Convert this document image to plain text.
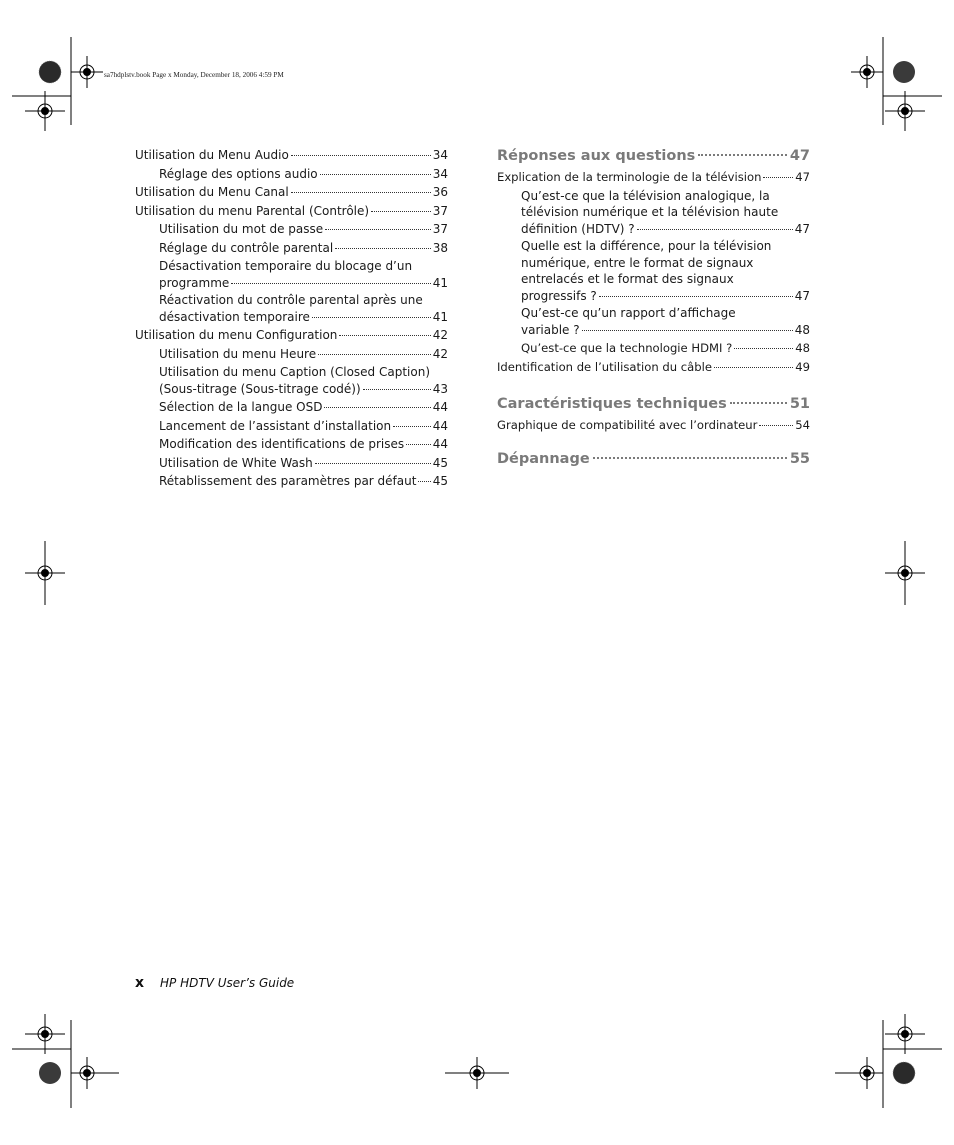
sa7hdplstv.book Page x Monday, December 18, 2006 4:59 PM
Utilisation du Menu Audio	34
Réglage des options audio	34
Utilisation du Menu Canal	36
Utilisation du menu Parental (Contrôle)	37
Utilisation du mot de passe	37
Réglage du contrôle parental	38
Désactivation temporaire du blocage d’un
programme	41
Réactivation du contrôle parental après une
désactivation temporaire	41
Utilisation du menu Configuration	42
Utilisation du menu Heure	42
Utilisation du menu Caption (Closed Caption)
(Sous-titrage (Sous-titrage codé))	43
Sélection de la langue OSD	44
Lancement de l’assistant d’installation	44
Modification des identifications de prises 44
Utilisation de White Wash	45
Rétablissement des paramètres par défaut 45
Réponses aux questions	47
Explication de la terminologie de la télévision	47
Qu’est-ce que la télévision analogique, la
télévision numérique et la télévision haute
définition (HDTV) ?	47
Quelle est la différence, pour la télévision
numérique, entre le format de signaux
entrelacés et le format des signaux
progressifs ?	47
Qu’est-ce qu’un rapport d’affichage
variable ?	48
Qu’est-ce que la technologie HDMI ?	48
Identification de l’utilisation du câble	49
Caractéristiques techniques	51
Graphique de compatibilité avec l’ordinateur	54
Dépannage	55
x HP HDTV User’s Guide
